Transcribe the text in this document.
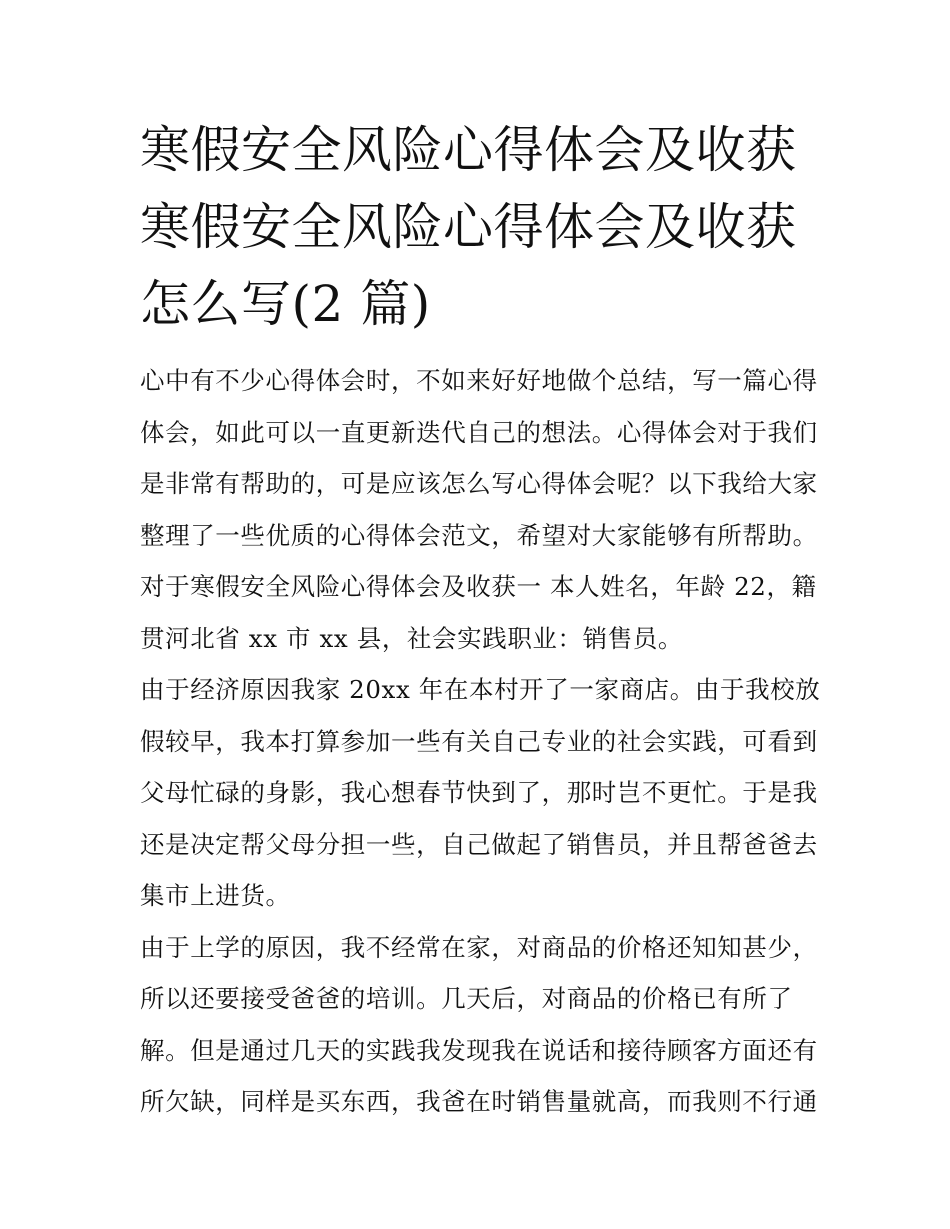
寒假安全风险心得体会及收获
寒假安全风险心得体会及收获
怎么写(2 篇)

心中有不少心得体会时，不如来好好地做个总结，写一篇心得
体会，如此可以一直更新迭代自己的想法。心得体会对于我们
是非常有帮助的，可是应该怎么写心得体会呢？以下我给大家
整理了一些优质的心得体会范文，希望对大家能够有所帮助。

对于寒假安全风险心得体会及收获一 本人姓名，年龄 22，籍
贯河北省 xx 市 xx 县，社会实践职业：销售员。

由于经济原因我家 20xx 年在本村开了一家商店。由于我校放
假较早，我本打算参加一些有关自己专业的社会实践，可看到
父母忙碌的身影，我心想春节快到了，那时岂不更忙。于是我
还是决定帮父母分担一些，自己做起了销售员，并且帮爸爸去
集市上进货。

由于上学的原因，我不经常在家，对商品的价格还知知甚少，
所以还要接受爸爸的培训。几天后，对商品的价格已有所了
解。但是通过几天的实践我发现我在说话和接待顾客方面还有
所欠缺，同样是买东西，我爸在时销售量就高，而我则不行通
